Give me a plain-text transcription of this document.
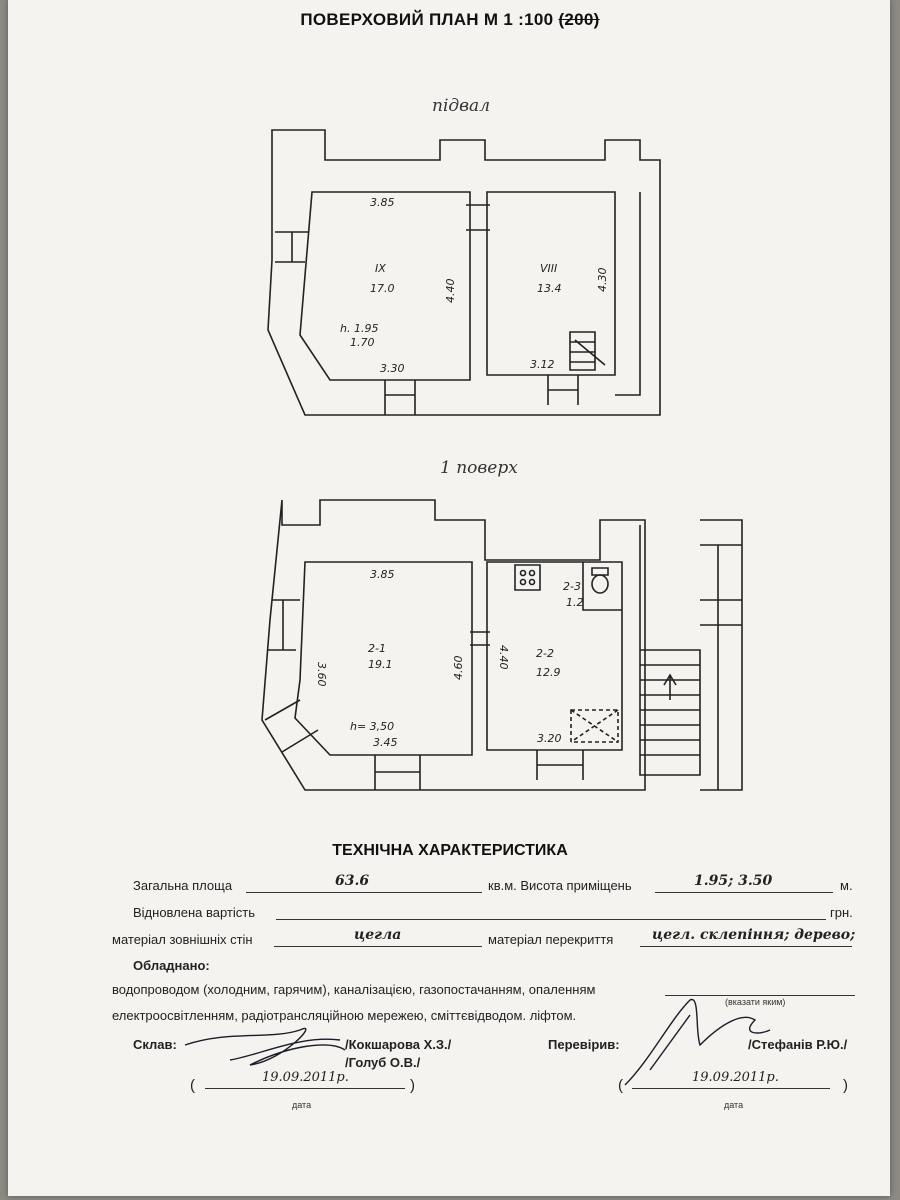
ПОВЕРХОВИЙ ПЛАН М 1 :100 (200)
підвал
1 поверх
3.85
IX
17.0
h. 1.95
1.70
3.30
4.40
VIII
13.4
3.12
4.30
3.85
2-1
19.1
h= 3,50
3.45
3.60	4.60	4.40 2-2
12.9
3.20
2-3
1.2
ТЕХНІЧНА ХАРАКТЕРИСТИКА
Загальна площа	63.6	кв.м. Висота приміщень	1.95; 3.50	м.
Відновлена вартість	грн.
матеріал зовнішніх стін	цегла	матеріал перекриття	цегл. склепіння; дерево;
Обладнано:
водопроводом (холодним, гарячим), каналізацією, газопостачанням, опаленням
(вказати яким)
електроосвітленням, радіотрансляційною мережею, сміттєвідводом. ліфтом.
Склав:	/Кокшарова Х.З./
/Голуб О.В./
Перевірив:	/Стефанів Р.Ю./
(	19.09.2011р.	)
дата
(	19.09.2011р.	)
дата
